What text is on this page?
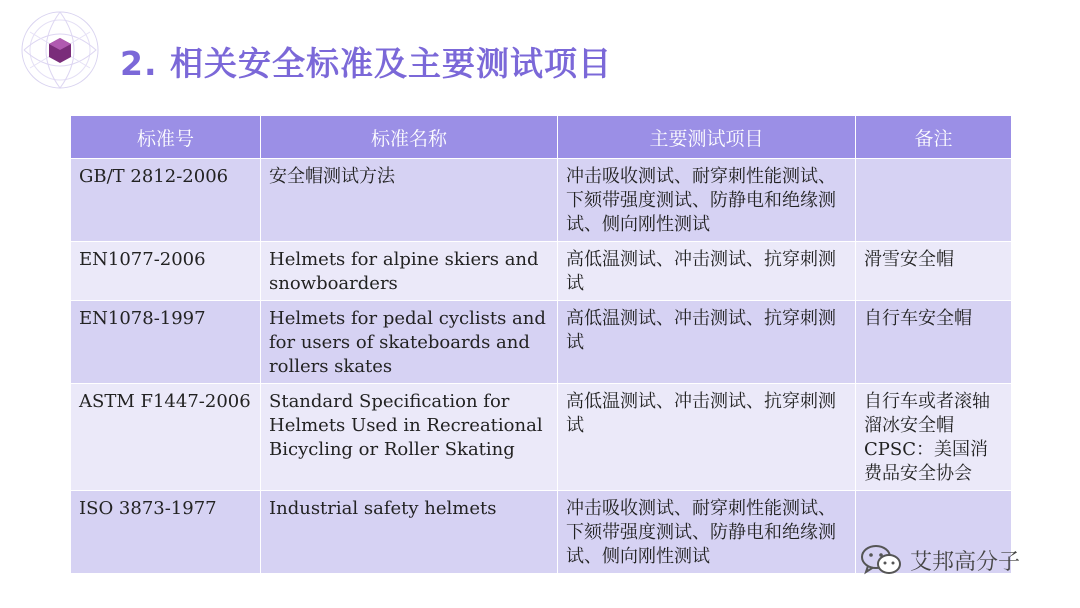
2. 相关安全标准及主要测试项目
标准号	标准名称	主要测试项目	备注
GB/T 2812-2006	安全帽测试方法	冲击吸收测试、耐穿刺性能测试、下颏带强度测试、防静电和绝缘测试、侧向刚性测试	
EN1077-2006	Helmets for alpine skiers and snowboarders	高低温测试、冲击测试、抗穿刺测试	滑雪安全帽
EN1078-1997	Helmets for pedal cyclists and for users of skateboards and rollers skates	高低温测试、冲击测试、抗穿刺测试	自行车安全帽
ASTM F1447-2006	Standard Specification for Helmets Used in Recreational Bicycling or Roller Skating	高低温测试、冲击测试、抗穿刺测试	自行车或者滚轴溜冰安全帽CPSC：美国消费品安全协会
ISO 3873-1977	Industrial safety helmets	冲击吸收测试、耐穿刺性能测试、下颏带强度测试、防静电和绝缘测试、侧向刚性测试		艾邦高分子
